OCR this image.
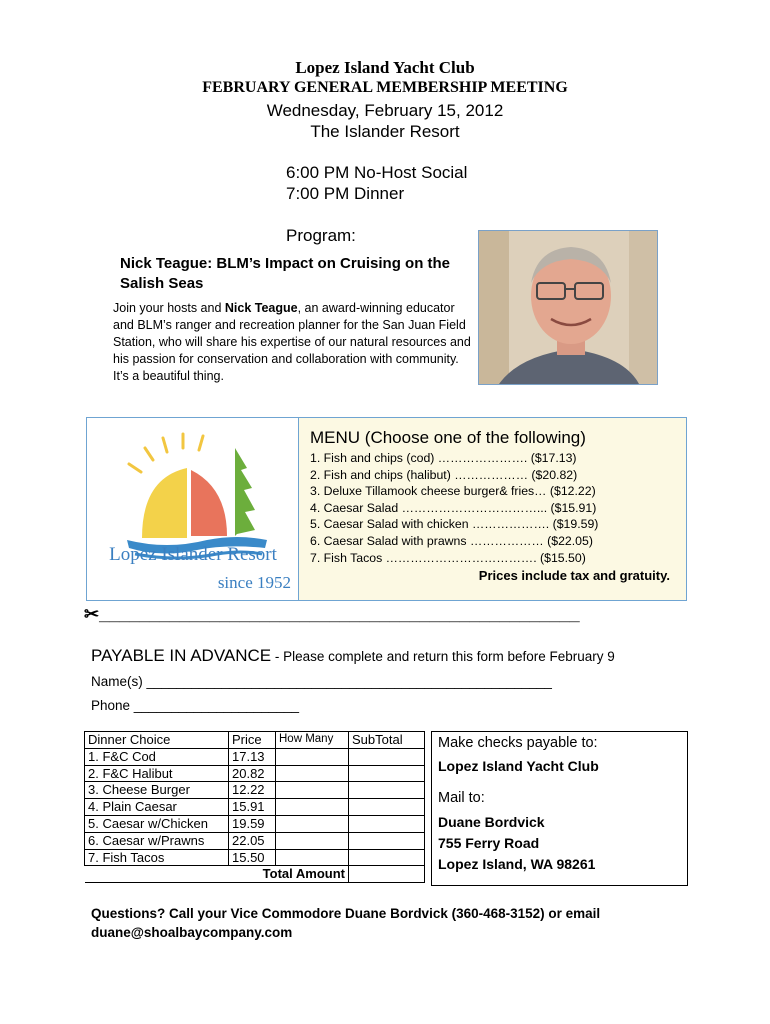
Lopez Island Yacht Club
FEBRUARY GENERAL MEMBERSHIP MEETING
Wednesday, February 15, 2012
The Islander Resort
6:00 PM No-Host Social
7:00 PM Dinner
Program:
Nick Teague: BLM’s Impact on Cruising on the Salish Seas
Join your hosts and Nick Teague, an award-winning educator and BLM’s ranger and recreation planner for the San Juan Field Station, who will share his expertise of our natural resources and his passion for conservation and collaboration with community. It’s a beautiful thing.
Lopez Islander Resort
since 1952
MENU (Choose one of the following)
1. Fish and chips (cod) …………………. ($17.13)
2. Fish and chips (halibut) ……………… ($20.82)
3. Deluxe Tillamook cheese burger& fries… ($12.22)
4. Caesar Salad ……………………………... ($15.91)
5. Caesar Salad with chicken ………………. ($19.59)
6. Caesar Salad with prawns ……………… ($22.05)
7. Fish Tacos ………………………………. ($15.50)
Prices include tax and gratuity.
✂________________________________________________
PAYABLE IN ADVANCE - Please complete and return this form before February 9
Name(s) ______________________________________________________
Phone ______________________
Dinner Choice	Price	How Many	SubTotal
1. F&C Cod	17.13		
2. F&C Halibut	20.82		
3. Cheese Burger	12.22		
4. Plain Caesar	15.91		
5. Caesar w/Chicken	19.59		
6. Caesar w/Prawns	22.05		
7. Fish Tacos	15.50		
Total Amount			
Make checks payable to:
Lopez Island Yacht Club
Mail to:
Duane Bordvick
755 Ferry Road
Lopez Island, WA 98261
Questions? Call your Vice Commodore Duane Bordvick (360-468-3152) or email duane@shoalbaycompany.com
